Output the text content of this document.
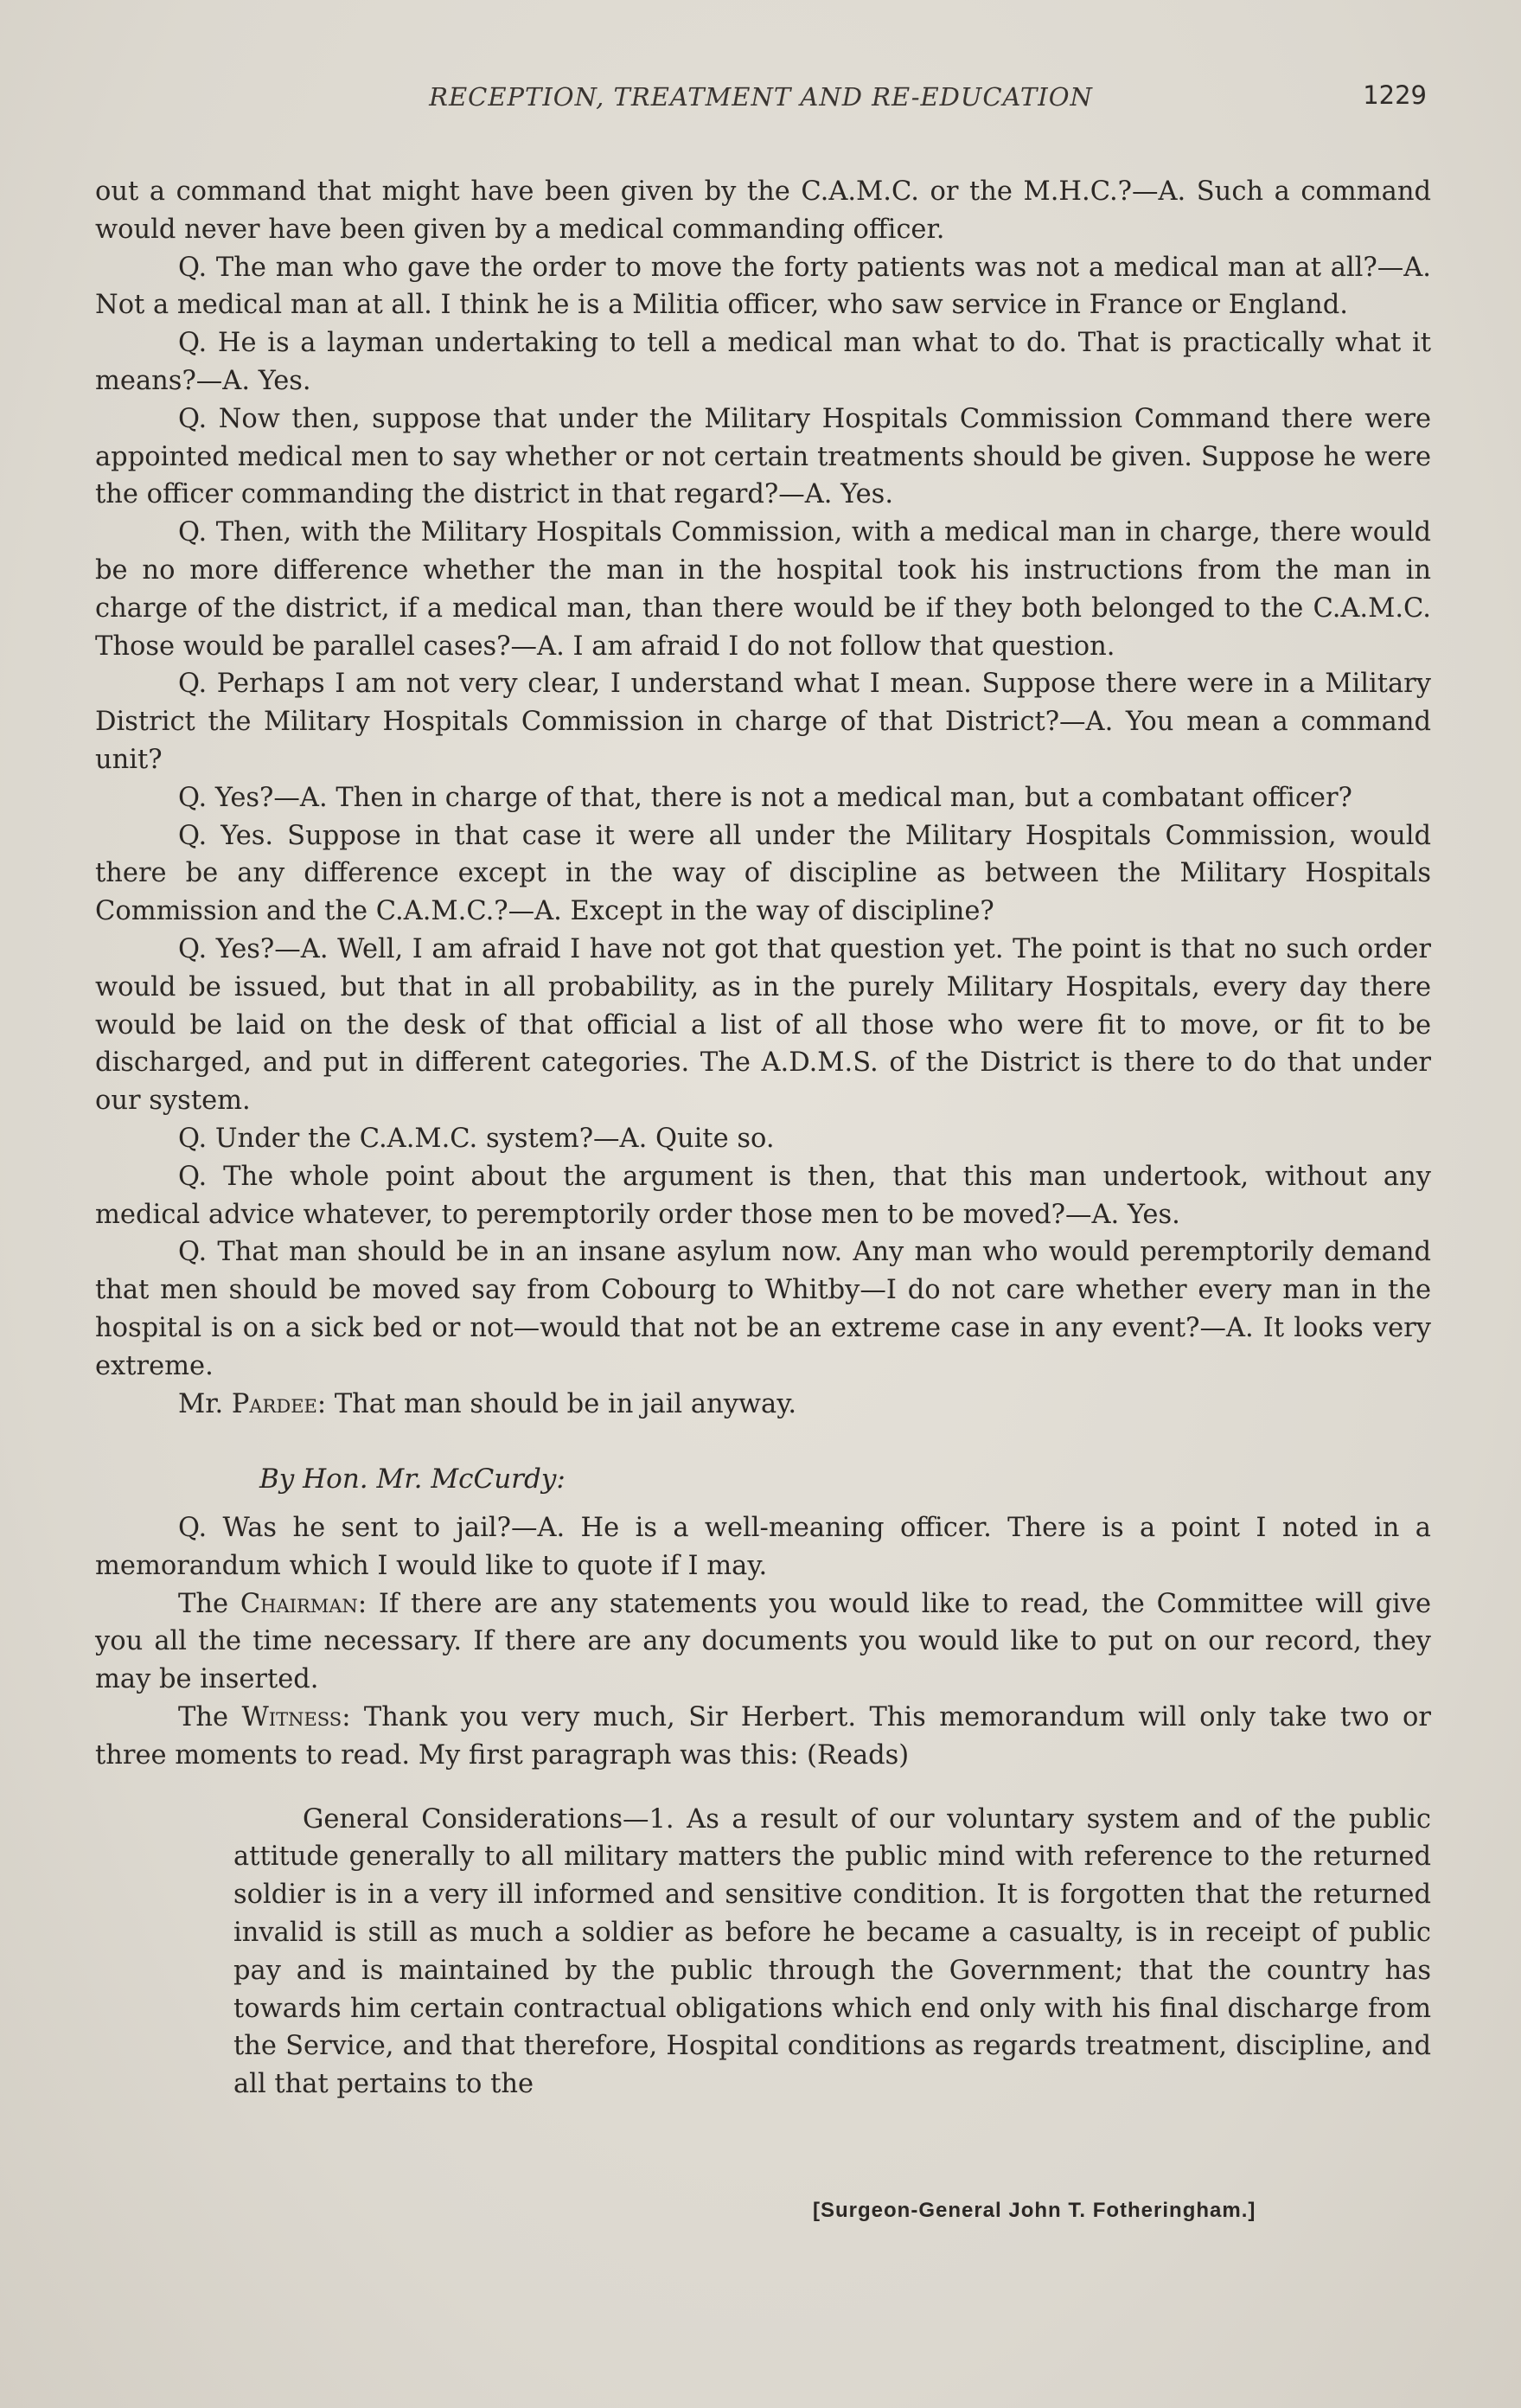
RECEPTION, TREATMENT AND RE-EDUCATION	1229

out a command that might have been given by the C.A.M.C. or the M.H.C.?—A. Such a command would never have been given by a medical commanding officer.

Q. The man who gave the order to move the forty patients was not a medical man at all?—A. Not a medical man at all. I think he is a Militia officer, who saw service in France or England.

Q. He is a layman undertaking to tell a medical man what to do. That is practically what it means?—A. Yes.

Q. Now then, suppose that under the Military Hospitals Commission Command there were appointed medical men to say whether or not certain treatments should be given. Suppose he were the officer commanding the district in that regard?—A. Yes.

Q. Then, with the Military Hospitals Commission, with a medical man in charge, there would be no more difference whether the man in the hospital took his instructions from the man in charge of the district, if a medical man, than there would be if they both belonged to the C.A.M.C. Those would be parallel cases?—A. I am afraid I do not follow that question.

Q. Perhaps I am not very clear, I understand what I mean. Suppose there were in a Military District the Military Hospitals Commission in charge of that District?—A. You mean a command unit?

Q. Yes?—A. Then in charge of that, there is not a medical man, but a combatant officer?

Q. Yes. Suppose in that case it were all under the Military Hospitals Commission, would there be any difference except in the way of discipline as between the Military Hospitals Commission and the C.A.M.C.?—A. Except in the way of discipline?

Q. Yes?—A. Well, I am afraid I have not got that question yet. The point is that no such order would be issued, but that in all probability, as in the purely Military Hospitals, every day there would be laid on the desk of that official a list of all those who were fit to move, or fit to be discharged, and put in different categories. The A.D.M.S. of the District is there to do that under our system.

Q. Under the C.A.M.C. system?—A. Quite so.

Q. The whole point about the argument is then, that this man undertook, without any medical advice whatever, to peremptorily order those men to be moved?—A. Yes.

Q. That man should be in an insane asylum now. Any man who would peremptorily demand that men should be moved say from Cobourg to Whitby—I do not care whether every man in the hospital is on a sick bed or not—would that not be an extreme case in any event?—A. It looks very extreme.

Mr. Pardee: That man should be in jail anyway.

By Hon. Mr. McCurdy:

Q. Was he sent to jail?—A. He is a well-meaning officer. There is a point I noted in a memorandum which I would like to quote if I may.

The Chairman: If there are any statements you would like to read, the Committee will give you all the time necessary. If there are any documents you would like to put on our record, they may be inserted.

The Witness: Thank you very much, Sir Herbert. This memorandum will only take two or three moments to read. My first paragraph was this: (Reads)

General Considerations—1. As a result of our voluntary system and of the public attitude generally to all military matters the public mind with reference to the returned soldier is in a very ill informed and sensitive condition. It is forgotten that the returned invalid is still as much a soldier as before he became a casualty, is in receipt of public pay and is maintained by the public through the Government; that the country has towards him certain contractual obligations which end only with his final discharge from the Service, and that therefore, Hospital conditions as regards treatment, discipline, and all that pertains to the

[Surgeon-General John T. Fotheringham.]
